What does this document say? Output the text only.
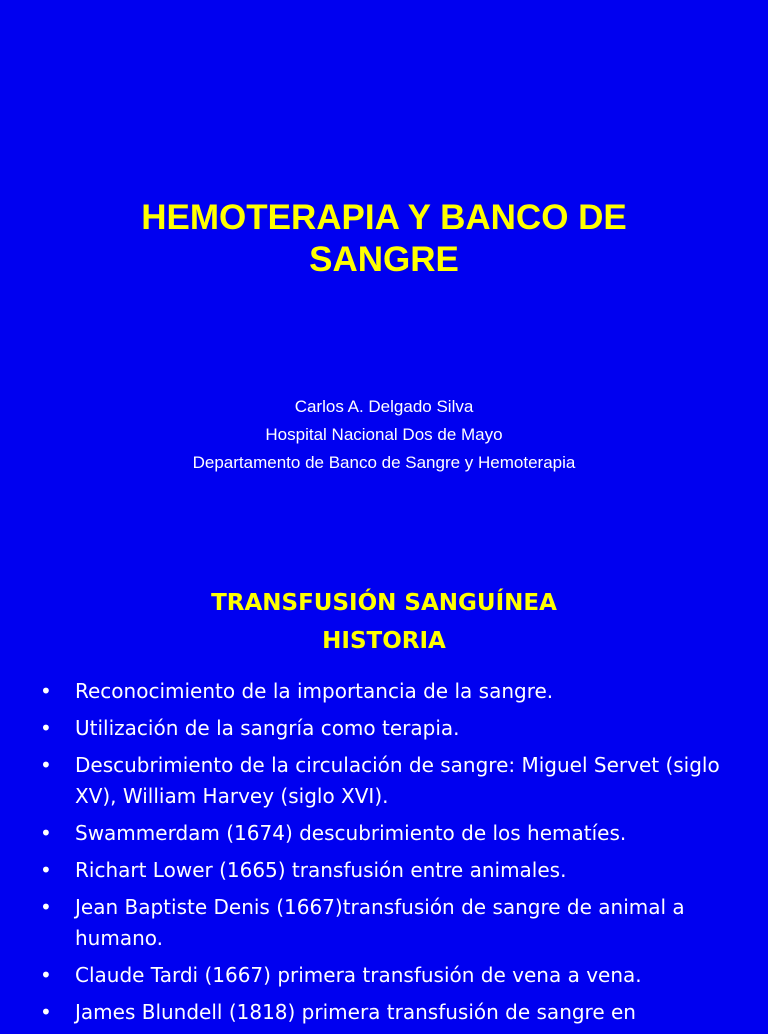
HEMOTERAPIA Y BANCO DE
SANGRE
Carlos A. Delgado Silva
Hospital Nacional Dos de Mayo
Departamento de Banco de Sangre y Hemoterapia
TRANSFUSIÓN SANGUÍNEA
HISTORIA
•	Reconocimiento de la importancia de la sangre.
•	Utilización de la sangría como terapia.
•	Descubrimiento de la circulación de sangre: Miguel Servet (siglo XV), William Harvey (siglo XVI).
•	Swammerdam (1674) descubrimiento de los hematíes.
•	Richart Lower (1665) transfusión entre animales.
•	Jean Baptiste Denis (1667)transfusión de sangre de animal a humano.
•	Claude Tardi (1667) primera transfusión de vena a vena.
•	James Blundell (1818) primera transfusión de sangre en
